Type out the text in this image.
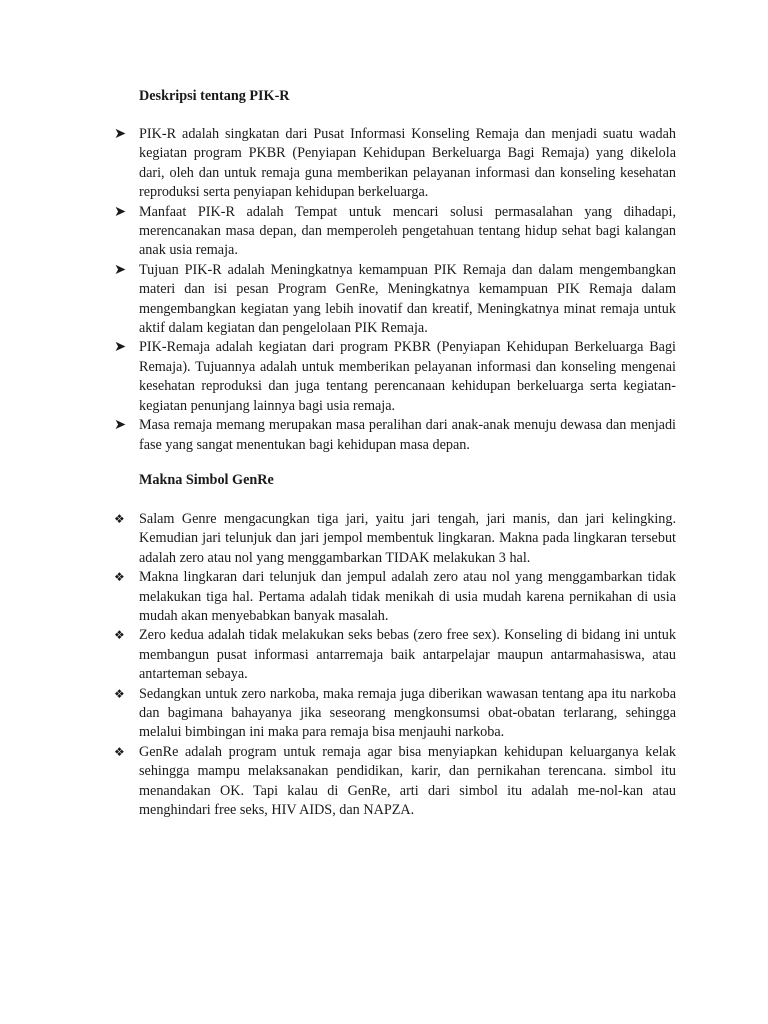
Deskripsi tentang PIK-R
➤ PIK-R adalah singkatan dari Pusat Informasi Konseling Remaja dan menjadi suatu wadah kegiatan program PKBR (Penyiapan Kehidupan Berkeluarga Bagi Remaja) yang dikelola dari, oleh dan untuk remaja guna memberikan pelayanan informasi dan konseling kesehatan reproduksi serta penyiapan kehidupan berkeluarga.
➤ Manfaat PIK-R adalah Tempat untuk mencari solusi permasalahan yang dihadapi, merencanakan masa depan, dan memperoleh pengetahuan tentang hidup sehat bagi kalangan anak usia remaja.
➤ Tujuan PIK-R adalah Meningkatnya kemampuan PIK Remaja dan dalam mengembangkan materi dan isi pesan Program GenRe, Meningkatnya kemampuan PIK Remaja dalam mengembangkan kegiatan yang lebih inovatif dan kreatif, Meningkatnya minat remaja untuk aktif dalam kegiatan dan pengelolaan PIK Remaja.
➤ PIK-Remaja adalah kegiatan dari program PKBR (Penyiapan Kehidupan Berkeluarga Bagi Remaja). Tujuannya adalah untuk memberikan pelayanan informasi dan konseling mengenai kesehatan reproduksi dan juga tentang perencanaan kehidupan berkeluarga serta kegiatan-kegiatan penunjang lainnya bagi usia remaja.
➤ Masa remaja memang merupakan masa peralihan dari anak-anak menuju dewasa dan menjadi fase yang sangat menentukan bagi kehidupan masa depan.
Makna Simbol GenRe
❖ Salam Genre mengacungkan tiga jari, yaitu jari tengah, jari manis, dan jari kelingking. Kemudian jari telunjuk dan jari jempol membentuk lingkaran. Makna pada lingkaran tersebut adalah zero atau nol yang menggambarkan TIDAK melakukan 3 hal.
❖ Makna lingkaran dari telunjuk dan jempul adalah zero atau nol yang menggambarkan tidak melakukan tiga hal. Pertama adalah tidak menikah di usia mudah karena pernikahan di usia mudah akan menyebabkan banyak masalah.
❖ Zero kedua adalah tidak melakukan seks bebas (zero free sex). Konseling di bidang ini untuk membangun pusat informasi antarremaja baik antarpelajar maupun antarmahasiswa, atau antarteman sebaya.
❖ Sedangkan untuk zero narkoba, maka remaja juga diberikan wawasan tentang apa itu narkoba dan bagimana bahayanya jika seseorang mengkonsumsi obat-obatan terlarang, sehingga melalui bimbingan ini maka para remaja bisa menjauhi narkoba.
❖ GenRe adalah program untuk remaja agar bisa menyiapkan kehidupan keluarganya kelak sehingga mampu melaksanakan pendidikan, karir, dan pernikahan terencana. simbol itu menandakan OK. Tapi kalau di GenRe, arti dari simbol itu adalah me-nol-kan atau menghindari free seks, HIV AIDS, dan NAPZA.
